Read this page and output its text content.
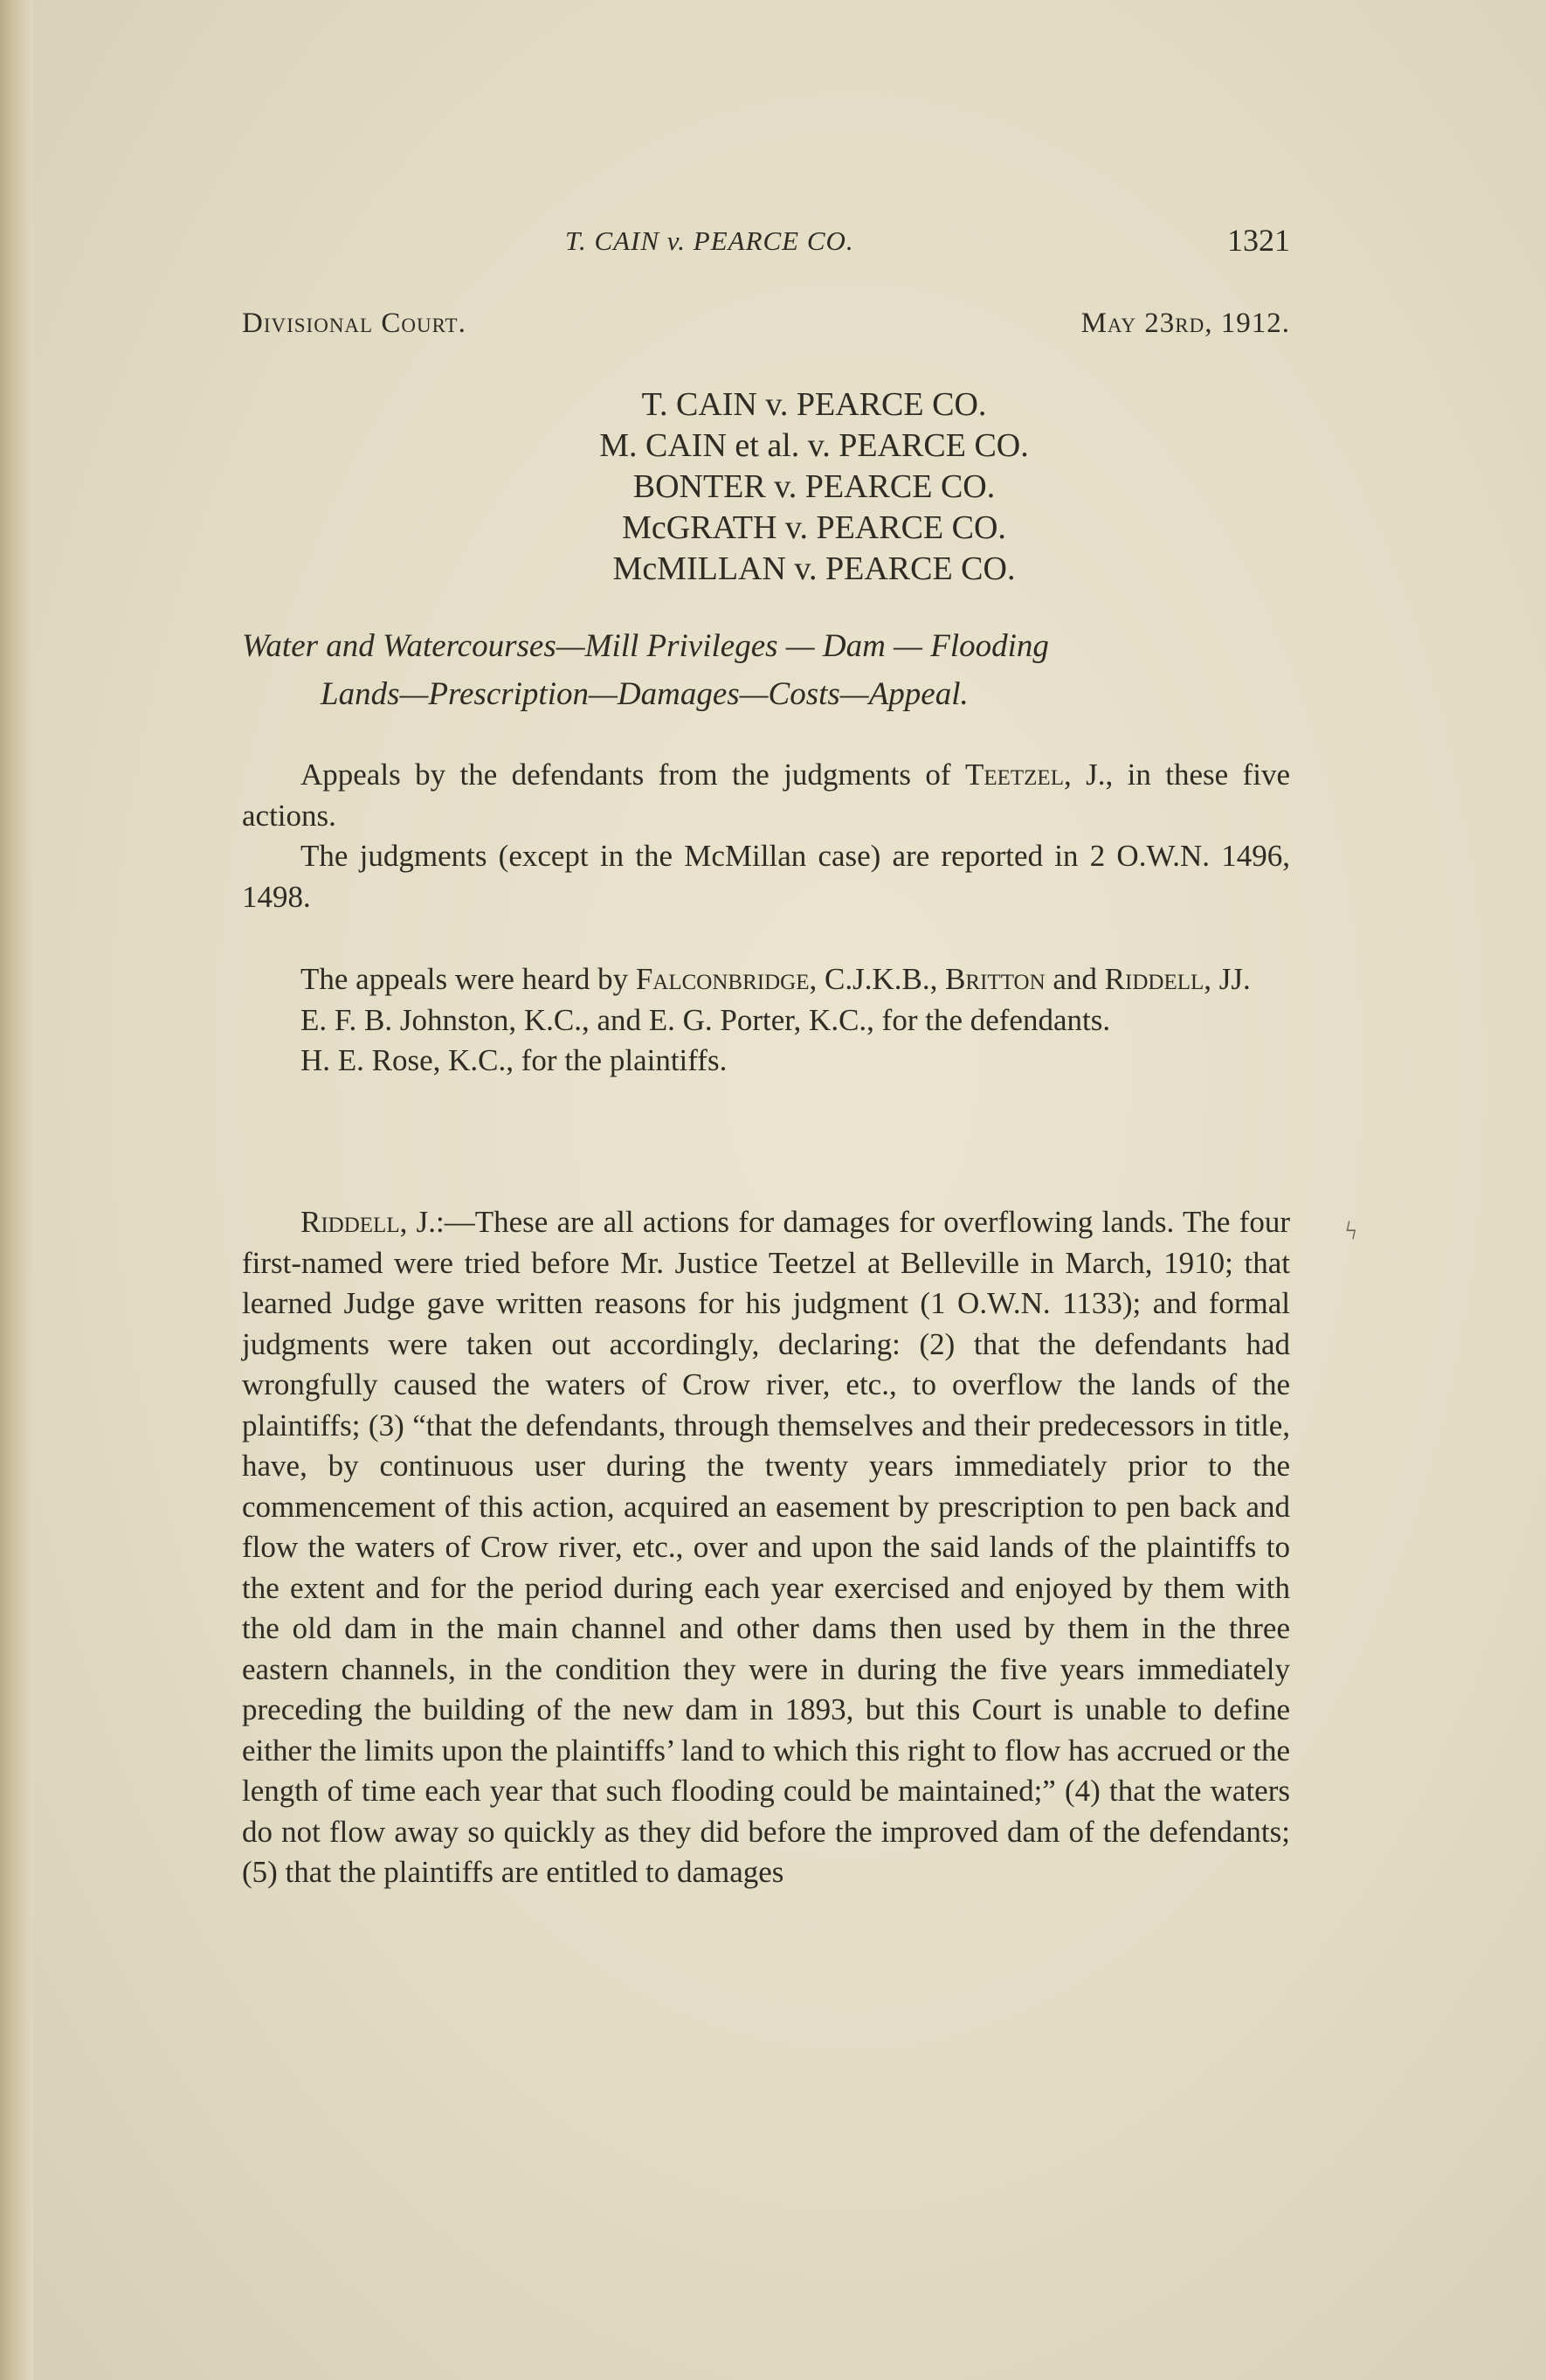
T. CAIN v. PEARCE CO.	1321
Divisional Court.	May 23rd, 1912.
T. CAIN v. PEARCE CO.
M. CAIN et al. v. PEARCE CO.
BONTER v. PEARCE CO.
McGRATH v. PEARCE CO.
McMILLAN v. PEARCE CO.
Water and Watercourses—Mill Privileges — Dam — Flooding
Lands—Prescription—Damages—Costs—Appeal.

Appeals by the defendants from the judgments of Teetzel, J., in these five actions.

The judgments (except in the McMillan case) are reported in 2 O.W.N. 1496, 1498.

The appeals were heard by Falconbridge, C.J.K.B., Britton and Riddell, JJ.

E. F. B. Johnston, K.C., and E. G. Porter, K.C., for the defendants.

H. E. Rose, K.C., for the plaintiffs.

Riddell, J.:—These are all actions for damages for overflowing lands. The four first-named were tried before Mr. Justice Teetzel at Belleville in March, 1910; that learned Judge gave written reasons for his judgment (1 O.W.N. 1133); and formal judgments were taken out accordingly, declaring: (2) that the defendants had wrongfully caused the waters of Crow river, etc., to overflow the lands of the plaintiffs; (3) “that the defendants, through themselves and their predecessors in title, have, by continuous user during the twenty years immediately prior to the commencement of this action, acquired an easement by prescription to pen back and flow the waters of Crow river, etc., over and upon the said lands of the plaintiffs to the extent and for the period during each year exercised and enjoyed by them with the old dam in the main channel and other dams then used by them in the three eastern channels, in the condition they were in during the five years immediately preceding the building of the new dam in 1893, but this Court is unable to define either the limits upon the plaintiffs’ land to which this right to flow has accrued or the length of time each year that such flooding could be maintained;” (4) that the waters do not flow away so quickly as they did before the improved dam of the defendants; (5) that the plaintiffs are entitled to damages

ϟ
